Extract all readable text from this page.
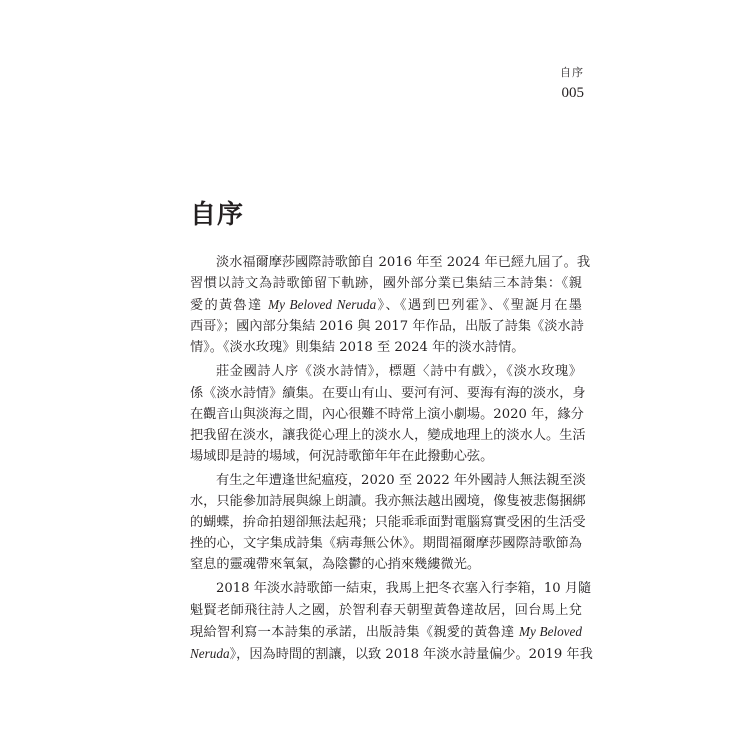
自序
005
自序
淡水福爾摩莎國際詩歌節自 2016 年至 2024 年已經九屆了。我
習慣以詩文為詩歌節留下軌跡，國外部分業已集結三本詩集：《親
愛的黃魯達 My Beloved Neruda》、《遇到巴列霍》、《聖誕月在墨
西哥》；國內部分集結 2016 與 2017 年作品，出版了詩集《淡水詩
情》。《淡水玫瑰》則集結 2018 至 2024 年的淡水詩情。
莊金國詩人序《淡水詩情》，標題〈詩中有戲〉，《淡水玫瑰》
係《淡水詩情》續集。在要山有山、要河有河、要海有海的淡水，身
在觀音山與淡海之間，內心很難不時常上演小劇場。2020 年，緣分
把我留在淡水，讓我從心理上的淡水人，變成地理上的淡水人。生活
場域即是詩的場域，何況詩歌節年年在此撥動心弦。
有生之年遭逢世紀瘟疫，2020 至 2022 年外國詩人無法親至淡
水，只能參加詩展與線上朗讀。我亦無法越出國境，像隻被悲傷捆綁
的蝴蝶，拚命拍翅卻無法起飛；只能乖乖面對電腦寫實受困的生活受
挫的心，文字集成詩集《病毒無公休》。期間福爾摩莎國際詩歌節為
窒息的靈魂帶來氧氣，為陰鬱的心捎來幾縷微光。
2018 年淡水詩歌節一結束，我馬上把冬衣塞入行李箱，10 月隨
魁賢老師飛往詩人之國，於智利春天朝聖黃魯達故居，回台馬上兌
現給智利寫一本詩集的承諾，出版詩集《親愛的黃魯達 My Beloved
Neruda》，因為時間的割讓，以致 2018 年淡水詩量偏少。2019 年我
